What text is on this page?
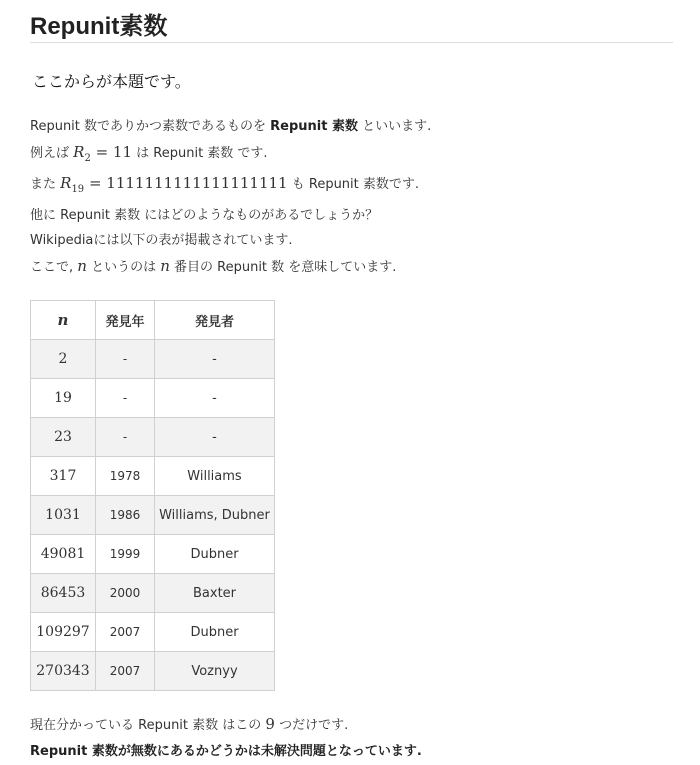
Repunit素数
ここからが本題です。
Repunit 数でありかつ素数であるものを Repunit 素数 といいます.
例えば $R_2 = 11$ は Repunit 素数 です.
また $R_{19} = 1111111111111111111$ も Repunit 素数です.
他に Repunit 素数 にはどのようなものがあるでしょうか？
Wikipediaには以下の表が掲載されています.
ここで, n というのは n 番目の Repunit 数 を意味しています.
n	発見年	発見者
2	-	-
19	-	-
23	-	-
317	1978	Williams
1031	1986	Williams, Dubner
49081	1999	Dubner
86453	2000	Baxter
109297	2007	Dubner
270343	2007	Voznyy
現在分かっている Repunit 素数 はこの 9 つだけです.
Repunit 素数が無数にあるかどうかは未解決問題となっています.
